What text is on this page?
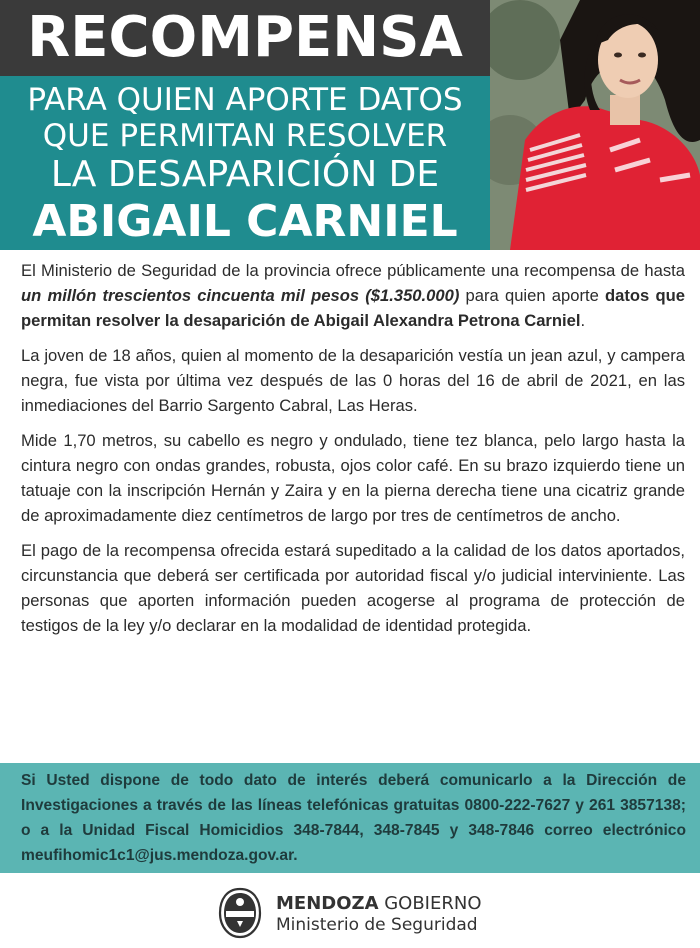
RECOMPENSA
PARA QUIEN APORTE DATOS
QUE PERMITAN RESOLVER
LA DESAPARICIÓN DE
ABIGAIL CARNIEL

El Ministerio de Seguridad de la provincia ofrece públicamente una recompensa de hasta un millón trescientos cincuenta mil pesos ($1.350.000) para quien aporte datos que permitan resolver la desaparición de Abigail Alexandra Petrona Carniel.

La joven de 18 años, quien al momento de la desaparición vestía un jean azul, y campera negra, fue vista por última vez después de las 0 horas del 16 de abril de 2021, en las inmediaciones del Barrio Sargento Cabral, Las Heras.

Mide 1,70 metros, su cabello es negro y ondulado, tiene tez blanca, pelo largo hasta la cintura negro con ondas grandes, robusta, ojos color café. En su brazo izquierdo tiene un tatuaje con la inscripción Hernán y Zaira y en la pierna derecha tiene una cicatriz grande de aproximadamente diez centímetros de largo por tres de centímetros de ancho.

El pago de la recompensa ofrecida estará supeditado a la calidad de los datos aportados, circunstancia que deberá ser certificada por autoridad fiscal y/o judicial interviniente. Las personas que aporten información pueden acogerse al programa de protección de testigos de la ley y/o declarar en la modalidad de identidad protegida.

Si Usted dispone de todo dato de interés deberá comunicarlo a la Dirección de Investigaciones a través de las líneas telefónicas gratuitas 0800-222-7627 y 261 3857138; o a la Unidad Fiscal Homicidios 348-7844, 348-7845 y 348-7846 correo electrónico meufihomic1c1@jus.mendoza.gov.ar.
MENDOZA GOBIERNO
Ministerio de Seguridad
